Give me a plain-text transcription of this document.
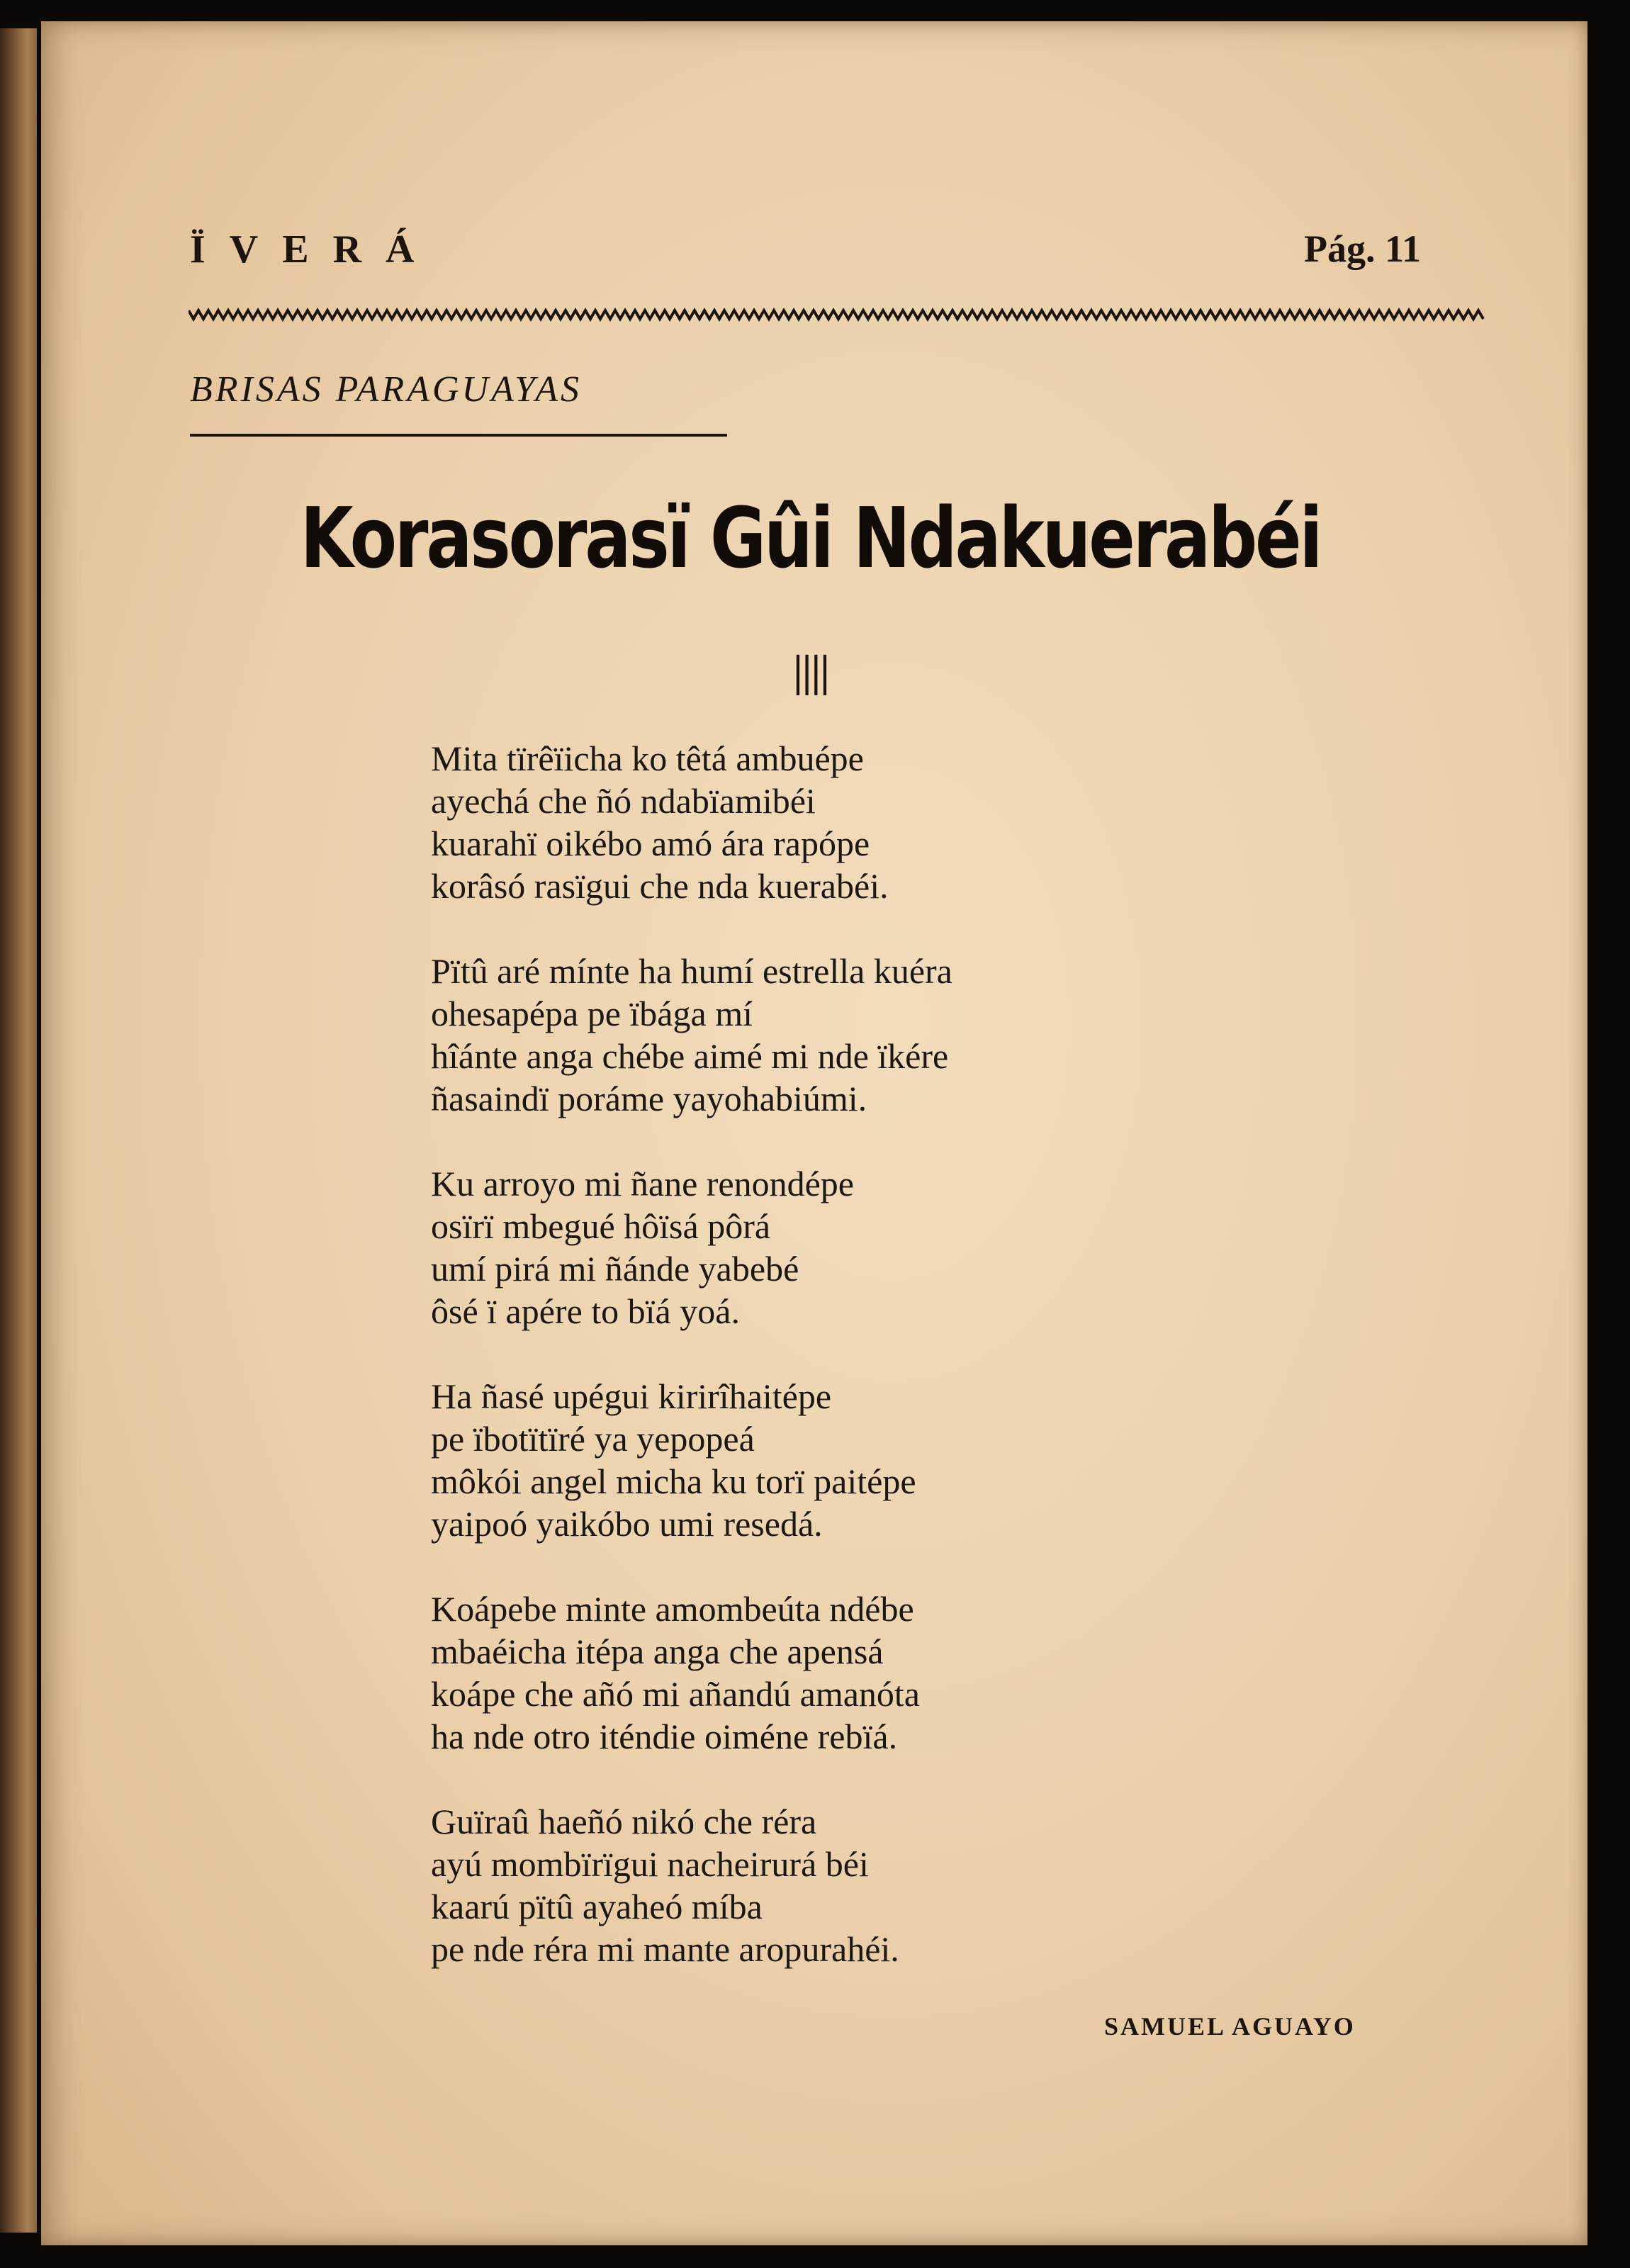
ÏVERÁ	Pág. 11
BRISAS PARAGUAYAS
Korasorasï Gûi Ndakuerabéi
IIII
Mita tïrêïicha ko têtá ambuépe
ayechá che ñó ndabïamibéi
kuarahï oikébo amó ára rapópe
korâsó rasïgui che nda kuerabéi.
Pïtû aré mínte ha humí estrella kuéra
ohesapépa pe ïbága mí
hîánte anga chébe aimé mi nde ïkére
ñasaindï poráme yayohabiúmi.
Ku arroyo mi ñane renondépe
osïrï mbegué hôïsá pôrá
umí pirá mi ñánde yabebé
ôsé ï apére to bïá yoá.
Ha ñasé upégui kirirîhaitépe
pe ïbotïtïré ya yepopeá
môkói angel micha ku torï paitépe
yaipoó yaikóbo umi resedá.
Koápebe minte amombeúta ndébe
mbaéicha itépa anga che apensá
koápe che añó mi añandú amanóta
ha nde otro iténdie oiméne rebïá.
Guïraû haeñó nikó che réra
ayú mombïrïgui nacheirurá béi
kaarú pïtû ayaheó míba
pe nde réra mi mante aropurahéi.
SAMUEL AGUAYO
